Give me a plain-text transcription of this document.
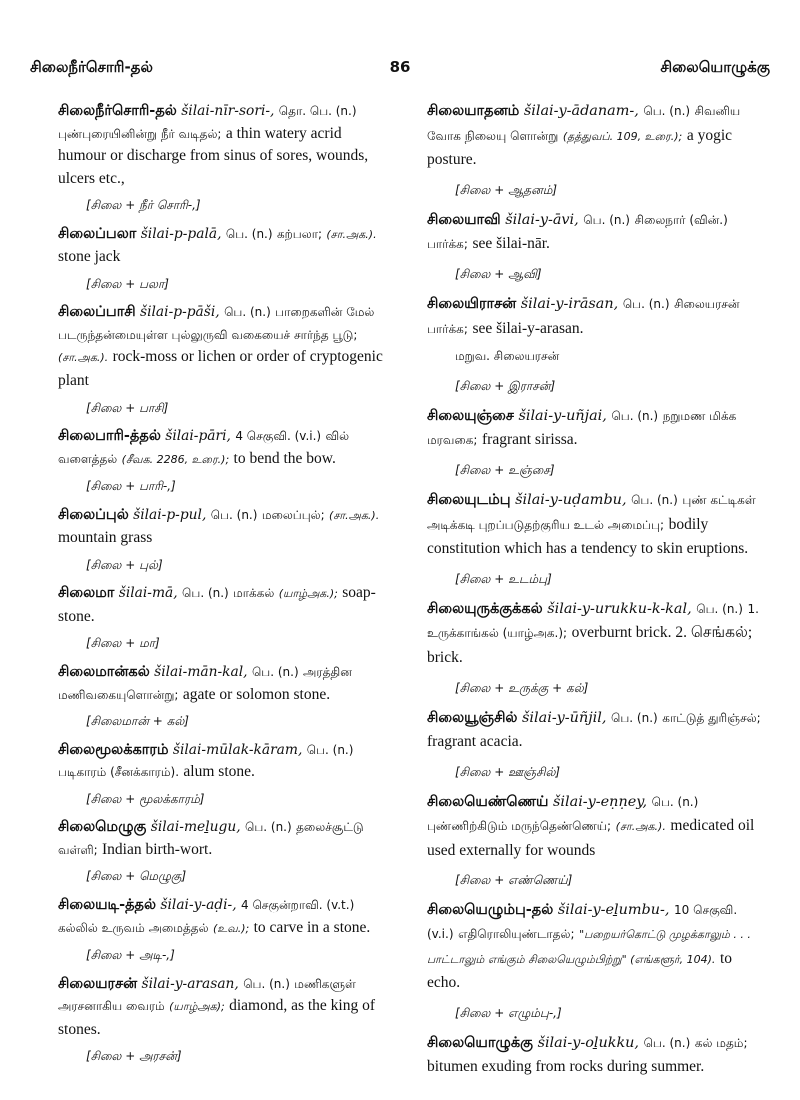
சிலைநீர்சொரி-தல்	86	சிலையொழுக்கு

சிலைநீர்சொரி-தல் šilai-nīr-sori-, தொ. பெ. (n.) புண்புரையினின்று நீர் வடிதல்; a thin watery acrid humour or discharge from sinus of sores, wounds, ulcers etc.,

[சிலை + நீர் சொரி-,]

சிலைப்பலா šilai-p-palā, பெ. (n.) கற்பலா; (சா.அக.). stone jack

[சிலை + பலா]

சிலைப்பாசி šilai-p-pāši, பெ. (n.) பாறைகளின் மேல் படருந்தன்மையுள்ள புல்லுருவி வகையைச் சார்ந்த பூடு; (சா.அக.). rock-moss or lichen or order of cryptogenic plant

[சிலை + பாசி]

சிலைபாரி-த்தல் šilai-pāri, 4 செகுவி. (v.i.) வில் வளைத்தல் (சீவக. 2286, உரை.); to bend the bow.

[சிலை + பாரி-,]

சிலைப்புல் šilai-p-pul, பெ. (n.) மலைப்புல்; (சா.அக.). mountain grass

[சிலை + புல்]

சிலைமா šilai-mā, பெ. (n.) மாக்கல் (யாழ்அக.); soap-stone.

[சிலை + மா]

சிலைமான்கல் šilai-mān-kal, பெ. (n.) அரத்தின மணிவகையுளொன்று; agate or solomon stone.

[சிலைமான் + கல்]

சிலைமூலக்காரம் šilai-mūlak-kāram, பெ. (n.) படிகாரம் (சீனக்காரம்). alum stone.

[சிலை + மூலக்காரம்]

சிலைமெழுகு šilai-meḻugu, பெ. (n.) தலைச்சூட்டு வள்ளி; Indian birth-wort.

[சிலை + மெழுகு]

சிலையடி-த்தல் šilai-y-aḍi-, 4 செகுன்றாவி. (v.t.) கல்லில் உருவம் அமைத்தல் (உவ.); to carve in a stone.

[சிலை + அடி-,]

சிலையரசன் šilai-y-arasan, பெ. (n.) மணிகளுள் அரசனாகிய வைரம் (யாழ்அக); diamond, as the king of stones.

[சிலை + அரசன்]

சிலையாதனம் šilai-y-ādanam-, பெ. (n.) சிவனிய வோக நிலையு ளொன்று (தத்துவப். 109, உரை.); a yogic posture.

[சிலை + ஆதனம்]

சிலையாவி šilai-y-āvi, பெ. (n.) சிலைநார் (வின்.) பார்க்க; see šilai-nār.

[சிலை + ஆவி]

சிலையிராசன் šilai-y-irāsan, பெ. (n.) சிலையரசன் பார்க்க; see šilai-y-arasan.

மறுவ. சிலையரசன்
[சிலை + இராசன்]

சிலையுஞ்சை šilai-y-uñjai, பெ. (n.) நறுமண மிக்க மரவகை; fragrant sirissa.

[சிலை + உஞ்சை]

சிலையுடம்பு šilai-y-uḍambu, பெ. (n.) புண் கட்டிகள் அடிக்கடி புறப்படுதற்குரிய உடல் அமைப்பு; bodily constitution which has a tendency to skin eruptions.

[சிலை + உடம்பு]

சிலையுருக்குக்கல் šilai-y-urukku-k-kal, பெ. (n.) 1. உருக்காங்கல் (யாழ்அக.); overburnt brick. 2. செங்கல்; brick.

[சிலை + உருக்கு + கல்]

சிலையூஞ்சில் šilai-y-ūñjil, பெ. (n.) காட்டுத் துரிஞ்சல்; fragrant acacia.

[சிலை + ஊஞ்சில்]

சிலையெண்ணெய் šilai-y-eṇṇey, பெ. (n.) புண்ணிற்கிடும் மருந்தெண்ணெய்; (சா.அக.). medicated oil used externally for wounds

[சிலை + எண்ணெய்]

சிலையெழும்பு-தல் šilai-y-eḻumbu-, 10 செகுவி. (v.i.) எதிரொலியுண்டாதல்; "பறையர்கொட்டு முழக்காலும் . . . பாட்டாலும் எங்கும் சிலையெழும்பிற்று" (எங்களூர், 104). to echo.

[சிலை + எழும்பு-,]

சிலையொழுக்கு šilai-y-oḻukku, பெ. (n.) கல் மதம்; bitumen exuding from rocks during summer.
